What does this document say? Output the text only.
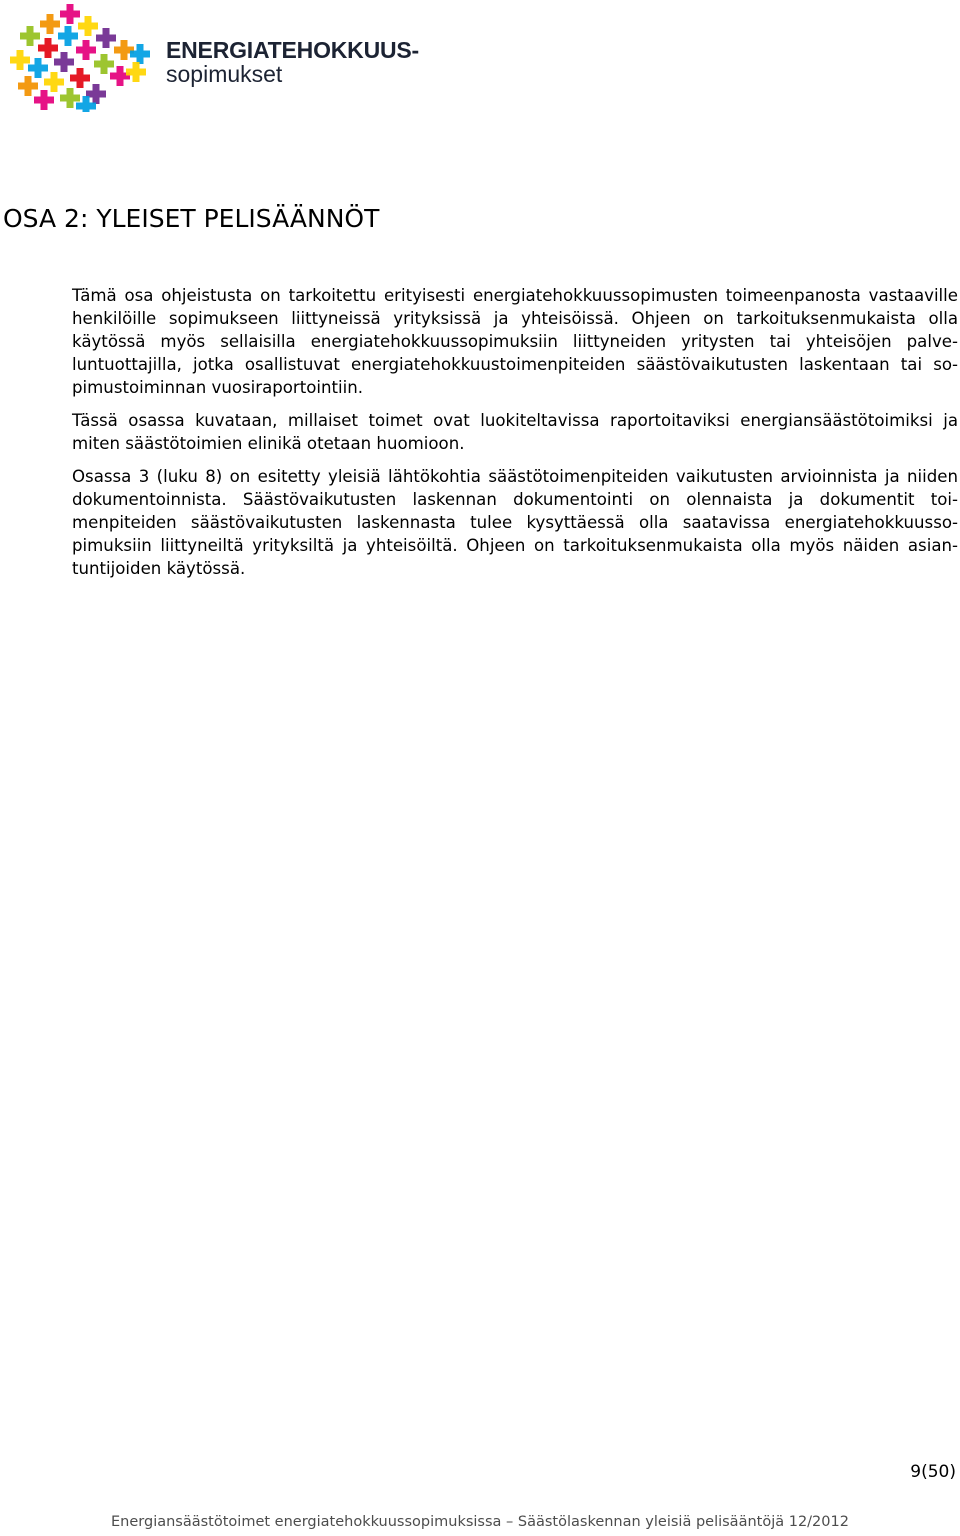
ENERGIATEHOKKUUS-
sopimukset
OSA 2: YLEISET PELISÄÄNNÖT

Tämä osa ohjeistusta on tarkoitettu erityisesti energiatehokkuussopimusten toimeenpanosta vastaaville henkilöille sopimukseen liittyneissä yrityksissä ja yhteisöissä. Ohjeen on tarkoituksenmukaista olla käytössä myös sellaisilla energiatehokkuussopimuksiin liittyneiden yritysten tai yhteisöjen palveluntuottajilla, jotka osallistuvat energiatehokkuustoimenpiteiden säästövaikutusten laskentaan tai sopimustoiminnan vuosiraportointiin.

Tässä osassa kuvataan, millaiset toimet ovat luokiteltavissa raportoitaviksi energiansäästötoimiksi ja miten säästötoimien elinikä otetaan huomioon.

Osassa 3 (luku 8) on esitetty yleisiä lähtökohtia säästötoimenpiteiden vaikutusten arvioinnista ja niiden dokumentoinnista. Säästövaikutusten laskennan dokumentointi on olennaista ja dokumentit toimenpiteiden säästövaikutusten laskennasta tulee kysyttäessä olla saatavissa energiatehokkuussopimuksiin liittyneiltä yrityksiltä ja yhteisöiltä. Ohjeen on tarkoituksenmukaista olla myös näiden asiantuntijoiden käytössä.

9(50)
Energiansäästötoimet energiatehokkuussopimuksissa – Säästölaskennan yleisiä pelisääntöjä 12/2012
